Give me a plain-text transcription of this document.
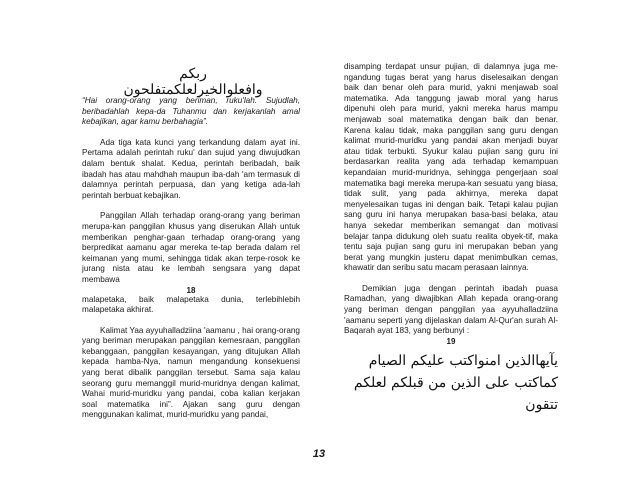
ربكم وافعلوالخيرلعلكمتفلحون

“Hai orang-orang yang beriman, ruku'lah. Sujudlah, beribadahlah kepa-da Tuhanmu dan kerjakanlah amal kebajikan, agar kamu berbahagia”.

Ada tiga kata kunci yang terkandung dalam ayat ini. Pertama adalah perintah ruku' dan sujud yang diwujudkan dalam bentuk shalat. Kedua, perintah beribadah, baik ibadah has atau mahdhah maupun iba-dah 'am termasuk di dalamnya perintah perpuasa, dan yang ketiga ada-lah perintah berbuat kebajikan.

Panggilan Allah terhadap orang-orang yang beriman merupa-kan panggilan khusus yang diserukan Allah untuk memberikan penghar-gaan terhadap orang-orang yang berpredikat aamanu agar mereka te-tap berada dalam rel keimanan yang mumi, sehingga tidak akan terpe-rosok ke jurang nista atau ke lembah sengsara yang dapat membawa

18

malapetaka, baik malapetaka dunia, terlebihlebih malapetaka akhirat.

Kalimat Yaa ayyuhalladziina 'aamanu , hai orang-orang yang beriman merupakan panggilan kemesraan, panggilan kebanggaan, panggilan kesayangan, yang ditujukan Allah kepada hamba-Nya, namun mengandung konsekuensi yang berat dibalik panggilan tersebut. Sama saja kalau seorang guru memanggil murid-muridnya dengan kalimat, Wahai murid-muridku yang pandai, coba kalian kerjakan soal matematika ini”. Ajakan sang guru dengan menggunakan kalimat, murid-muridku yang pandai,

disamping terdapat unsur pujian, di dalamnya juga me-ngandung tugas berat yang harus diselesaikan dengan baik dan benar oleh para murid, yakni menjawab soal matematika. Ada tanggung jawab moral yang harus dipenuhi oleh para murid, yakni mereka harus mampu menjawab soal matematika dengan baik dan benar. Karena kalau tidak, maka panggilan sang guru dengan kalimat murid-muridku yang pandai akan menjadi buyar atau tidak terbukti. Syukur kalau pujian sang guru ini berdasarkan realita yang ada terhadap kemampuan kepandaian murid-muridnya, sehingga pengerjaan soal matematika bagi mereka merupa-kan sesuatu yang biasa, tidak sulit, yang pada akhirnya, mereka dapat menyelesaikan tugas ini dengan baik. Tetapi kalau pujian sang guru ini hanya merupakan basa-basi belaka, atau hanya sekedar memberikan semangat dan motivasi belajar tanpa didukung oleh suatu realita obyek-tif, maka tentu saja pujian sang guru ini merupakan beban yang berat yang mungkin justeru dapat menimbulkan cemas, khawatir dan seribu satu macam perasaan lainnya.

Demikian juga dengan perintah ibadah puasa Ramadhan, yang diwajibkan Allah kepada orang-orang yang beriman dengan panggilan yaa ayyuhalladziina 'aamanu seperti yang dijelaskan dalam Al-Qur'an surah Al-Baqarah ayat 183, yang berbunyi :

19

يآيهاالذين امنواكتب عليكم الصيام

كماكتب على الذين من قبلكم لعلكم تتقون

13
